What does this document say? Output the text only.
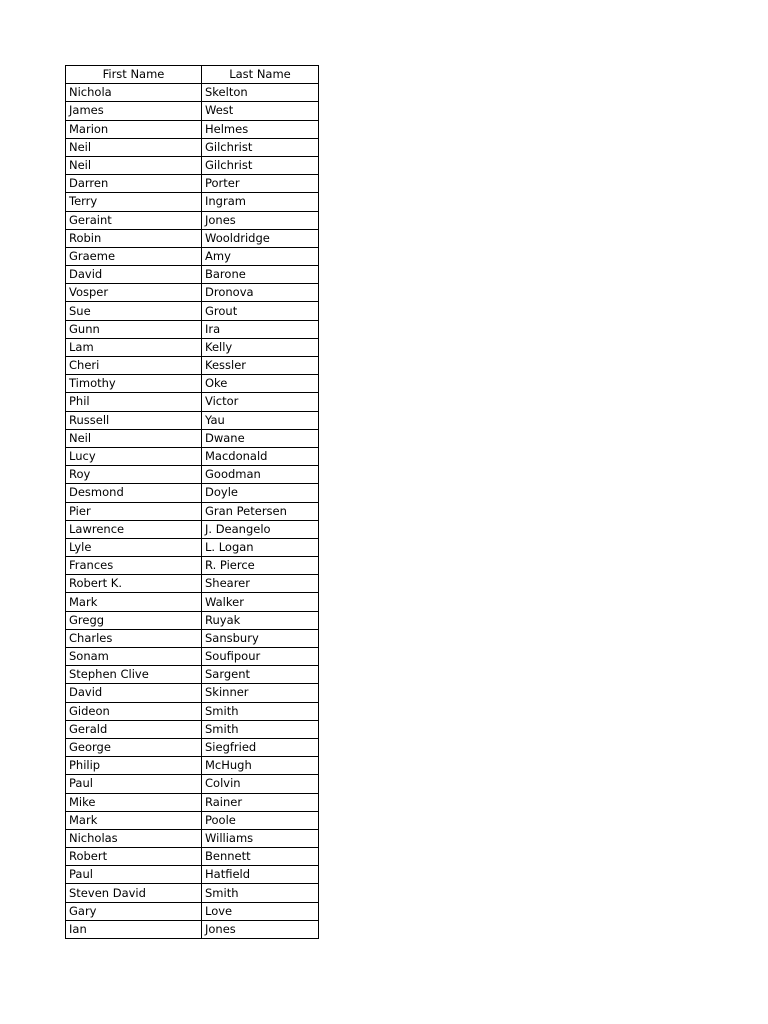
First Name	Last Name
Nichola	Skelton
James	West
Marion	Helmes
Neil	Gilchrist
Neil	Gilchrist
Darren	Porter
Terry	Ingram
Geraint	Jones
Robin	Wooldridge
Graeme	Amy
David	Barone
Vosper	Dronova
Sue	Grout
Gunn	Ira
Lam	Kelly
Cheri	Kessler
Timothy	Oke
Phil	Victor
Russell	Yau
Neil	Dwane
Lucy	Macdonald
Roy	Goodman
Desmond	Doyle
Pier	Gran Petersen
Lawrence	J. Deangelo
Lyle	L. Logan
Frances	R. Pierce
Robert K.	Shearer
Mark	Walker
Gregg	Ruyak
Charles	Sansbury
Sonam	Soufipour
Stephen Clive	Sargent
David	Skinner
Gideon	Smith
Gerald	Smith
George	Siegfried
Philip	McHugh
Paul	Colvin
Mike	Rainer
Mark	Poole
Nicholas	Williams
Robert	Bennett
Paul	Hatfield
Steven David	Smith
Gary	Love
Ian	Jones
